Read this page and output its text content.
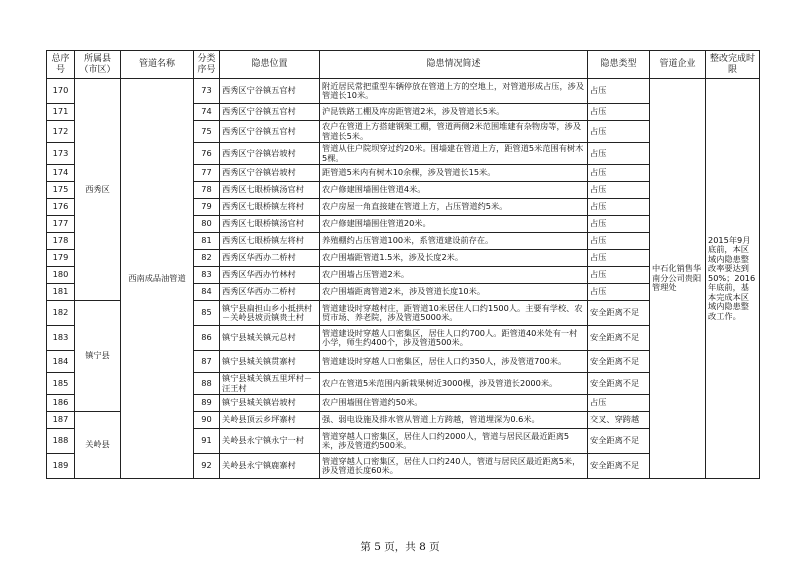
总序号	所属县（市区）	管道名称	分类序号	隐患位置	隐患情况简述	隐患类型	管道企业	整改完成时限
170	西秀区	西南成品油管道	73	西秀区宁谷镇五官村	附近居民常把重型车辆停放在管道上方的空地上，对管道形成占压，涉及管道长10米。	占压	中石化销售华南分公司贵阳管理处	2015年9月底前，本区域内隐患整改率要达到50%；2016年底前，基本完成本区域内隐患整改工作。
171			74	西秀区宁谷镇五官村	沪昆铁路工棚及库房距管道2米，涉及管道长5米。	占压		
172			75	西秀区宁谷镇五官村	农户在管道上方搭建钢架工棚，管道两侧2米范围堆建有杂物房等，涉及管道长5米。	占压		
173			76	西秀区宁谷镇岩坡村	管道从住户院坝穿过约20米。围墙建在管道上方，距管道5米范围有树木5棵。	占压		
174			77	西秀区宁谷镇岩坡村	距管道5米内有树木10余棵，涉及管道长15米。	占压		
175			78	西秀区七眼桥镇汤官村	农户修建围墙围住管道4米。	占压		
176			79	西秀区七眼桥镇左将村	农户房屋一角直接建在管道上方，占压管道约5米。	占压		
177			80	西秀区七眼桥镇汤官村	农户修建围墙围住管道20米。	占压		
178			81	西秀区七眼桥镇左将村	养殖棚约占压管道100米，系管道建设前存在。	占压		
179			82	西秀区华西办二桥村	农户围墙距管道1.5米，涉及长度2米。	占压		
180			83	西秀区华西办竹林村	农户围墙占压管道2米。	占压		
181			84	西秀区华西办二桥村	农户围墙距离管道2米，涉及管道长度10米。	占压		
182	镇宁县		85	镇宁县扁担山乡小抵拱村－关岭县坡贡镇贵土村	管道建设时穿越村庄，距管道10米居住人口约1500人。主要有学校、农贸市场、养老院，涉及管道5000米。	安全距离不足		
183			86	镇宁县城关镇元总村	管道建设时穿越人口密集区，居住人口约700人。距管道40米处有一村小学，师生约400个，涉及管道500米。	安全距离不足		
184			87	镇宁县城关镇贯寨村	管道建设时穿越人口密集区，居住人口约350人，涉及管道700米。	安全距离不足		
185			88	镇宁县城关镇五里坪村－汪王村	农户在管道5米范围内新栽果树近3000棵，涉及管道长2000米。	安全距离不足		
186			89	镇宁县城关镇岩坡村	农户围墙围住管道约50米。	占压		
187	关岭县		90	关岭县顶云乡坪寨村	强、弱电设施及排水管从管道上方跨越，管道埋深为0.6米。	交叉、穿跨越		
188			91	关岭县永宁镇永宁一村	管道穿越人口密集区，居住人口约2000人，管道与居民区最近距离5米，涉及管道约500米。	安全距离不足		
189			92	关岭县永宁镇鹿寨村	管道穿越人口密集区，居住人口约240人，管道与居民区最近距离5米，涉及管道长度60米。	安全距离不足		
第 5 页，共 8 页
